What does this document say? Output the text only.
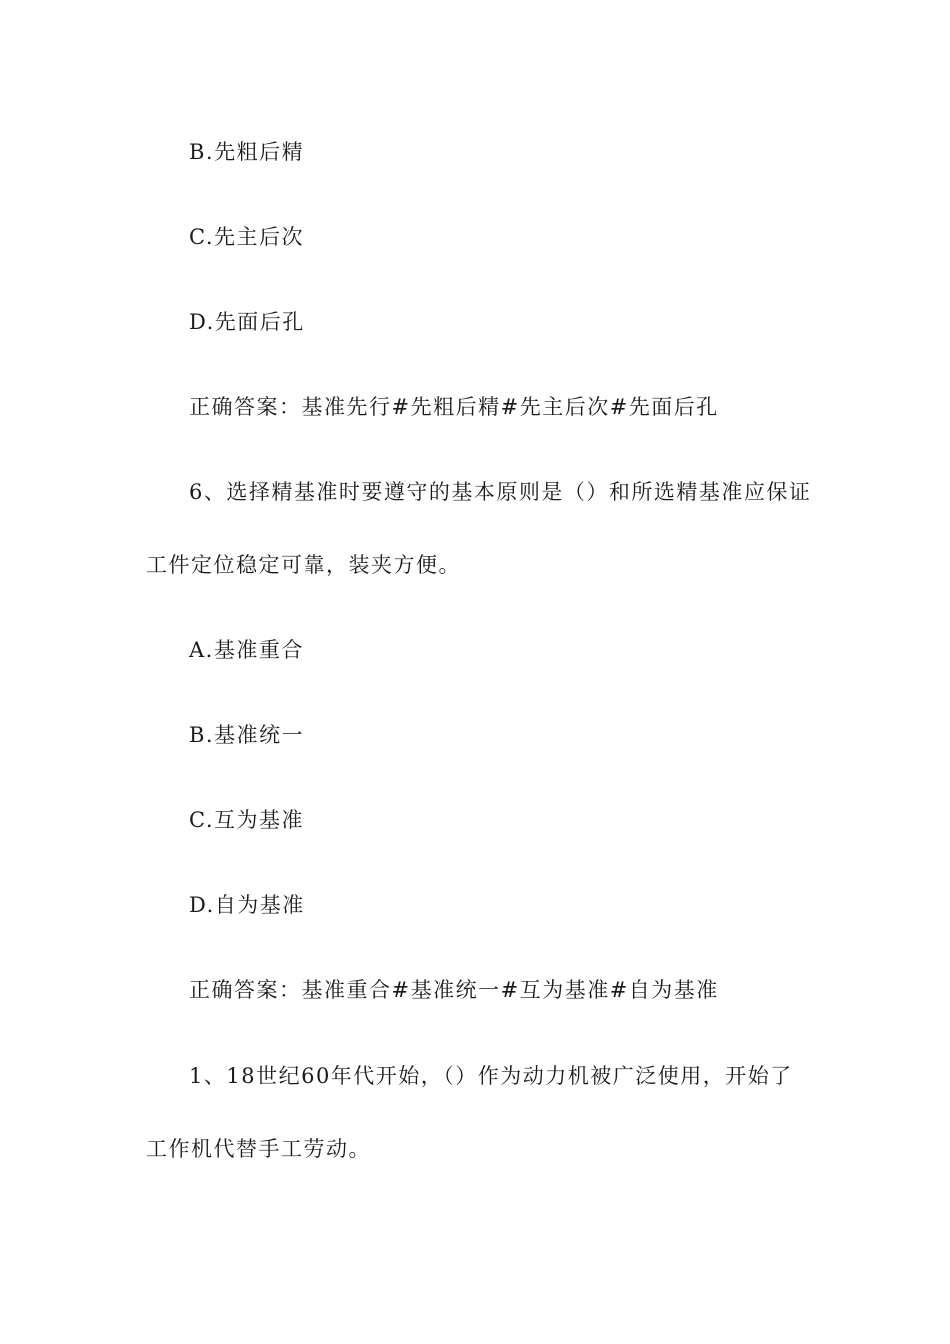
B.先粗后精
C.先主后次
D.先面后孔
正确答案：基准先行#先粗后精#先主后次#先面后孔
6、选择精基准时要遵守的基本原则是（）和所选精基准应保证
工件定位稳定可靠，装夹方便。
A.基准重合
B.基准统一
C.互为基准
D.自为基准
正确答案：基准重合#基准统一#互为基准#自为基准
1、18世纪60年代开始，（）作为动力机被广泛使用，开始了
工作机代替手工劳动。
